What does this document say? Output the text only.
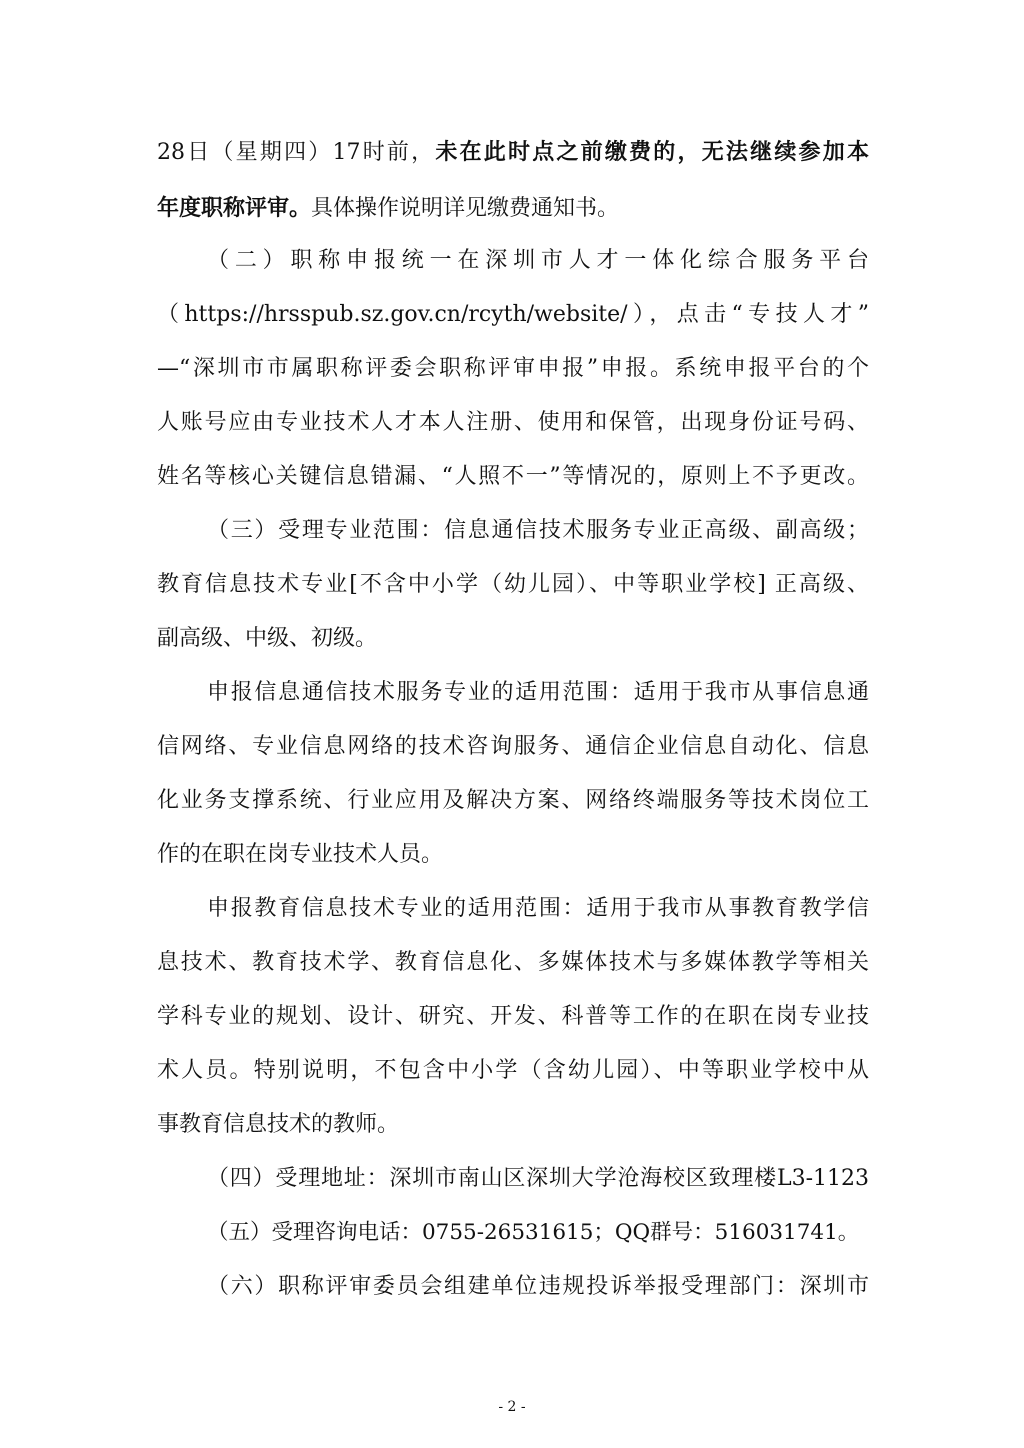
28日（星期四）17时前，未在此时点之前缴费的，无法继续参加本
年度职称评审。具体操作说明详见缴费通知书。
（二）职称申报统一在深圳市人才一体化综合服务平台
（https://hrsspub.sz.gov.cn/rcyth/website/），点击“专技人才”
—“深圳市市属职称评委会职称评审申报”申报。系统申报平台的个
人账号应由专业技术人才本人注册、使用和保管，出现身份证号码、
姓名等核心关键信息错漏、“人照不一”等情况的，原则上不予更改。
（三）受理专业范围：信息通信技术服务专业正高级、副高级；
教育信息技术专业[不含中小学（幼儿园）、中等职业学校] 正高级、
副高级、中级、初级。
申报信息通信技术服务专业的适用范围：适用于我市从事信息通
信网络、专业信息网络的技术咨询服务、通信企业信息自动化、信息
化业务支撑系统、行业应用及解决方案、网络终端服务等技术岗位工
作的在职在岗专业技术人员。
申报教育信息技术专业的适用范围：适用于我市从事教育教学信
息技术、教育技术学、教育信息化、多媒体技术与多媒体教学等相关
学科专业的规划、设计、研究、开发、科普等工作的在职在岗专业技
术人员。特别说明，不包含中小学（含幼儿园）、中等职业学校中从
事教育信息技术的教师。
（四）受理地址：深圳市南山区深圳大学沧海校区致理楼L3-1123
（五）受理咨询电话：0755-26531615；QQ群号：516031741。
（六）职称评审委员会组建单位违规投诉举报受理部门：深圳市
- 2 -
